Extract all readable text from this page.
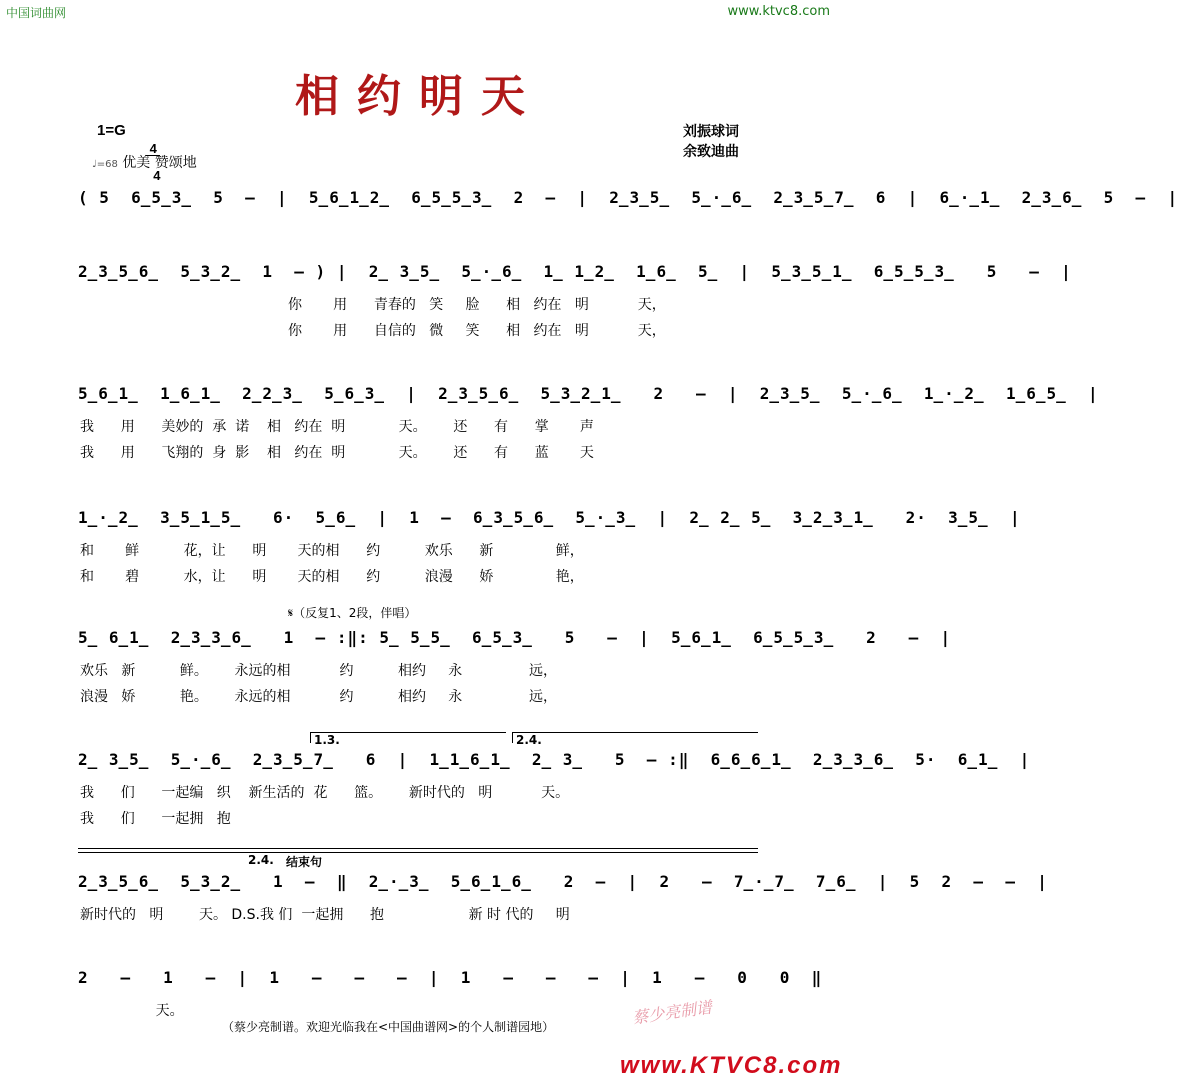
中国词曲网	www.ktvc8.com
相约明天
1=G

$\frac{4}{4}$

♩=68 优美 赞颂地
刘振球词
余致迪曲
( 5  6̲5̲3̲  5  –  |  5̲6̲1̲2̲  6̲5̲5̲3̲  2  –  |  2̲3̲5̲  5̲·̲6̲  2̲3̲5̲7̲  6  |  6̲·̲1̲  2̲3̲6̲  5  –  |
2̲3̲5̲6̲  5̲3̲2̲  1  – ) |  2̲ 3̲5̲  5̲·̲6̲  1̲ 1̲2̲  1̲6̲  5̲  |  5̲3̲5̲1̲  6̲5̲5̲3̲   5   –  |
你       用      青春的   笑     脸      相   约在   明           天，
你       用      自信的   微     笑      相   约在   明           天，
5̲6̲1̲  1̲6̲1̲  2̲2̲3̲  5̲6̲3̲  |  2̲3̲5̲6̲  5̲3̲2̲1̲   2   –  |  2̲3̲5̲  5̲·̲6̲  1̲·̲2̲  1̲6̲5̲  |
我      用      美妙的  承  诺    相   约在  明            天。      还      有      掌       声
我      用      飞翔的  身  影    相   约在  明            天。      还      有      蓝       天
1̲·̲2̲  3̲5̲1̲5̲   6·  5̲6̲  |  1  –  6̲3̲5̲6̲  5̲·̲3̲  |  2̲ 2̲ 5̲  3̲2̲3̲1̲   2·  3̲5̲  |
和       鲜          花，让      明       天的相      约          欢乐      新              鲜，
和       碧          水，让      明       天的相      约          浪漫      娇              艳，
𝄋（反复1、2段，伴唱）
5̲ 6̲1̲  2̲3̲3̲6̲   1  – :‖: 5̲ 5̲5̲  6̲5̲3̲   5   –  |  5̲6̲1̲  6̲5̲5̲3̲   2   –  |
欢乐   新          鲜。      永远的相           约          相约     永               远，
浪漫   娇          艳。      永远的相           约          相约     永               远，
1.3.	2.4.
2̲ 3̲5̲  5̲·̲6̲  2̲3̲5̲7̲   6  |  1̲1̲6̲1̲  2̲ 3̲   5  – :‖  6̲6̲6̲1̲  2̲3̲3̲6̲  5·  6̲1̲  |
我      们      一起编   织    新生活的  花      篮。      新时代的   明           天。
我      们      一起拥   抱
2.4. 结束句
2̲3̲5̲6̲  5̲3̲2̲   1  –  ‖  2̲·̲3̲  5̲6̲1̲6̲   2  –  |  2   –  7̲·̲7̲  7̲6̲  |  5  2  –  –  |
新时代的   明        天。 D.S.我 们  一起拥      抱                   新 时 代的     明
2   –   1   –  |  1   –   –   –  |  1   –   –   –  |  1   –   0   0  ‖
天。
（蔡少亮制谱。欢迎光临我在<中国曲谱网>的个人制谱园地）	蔡少亮制谱
www.KTVC8.com
